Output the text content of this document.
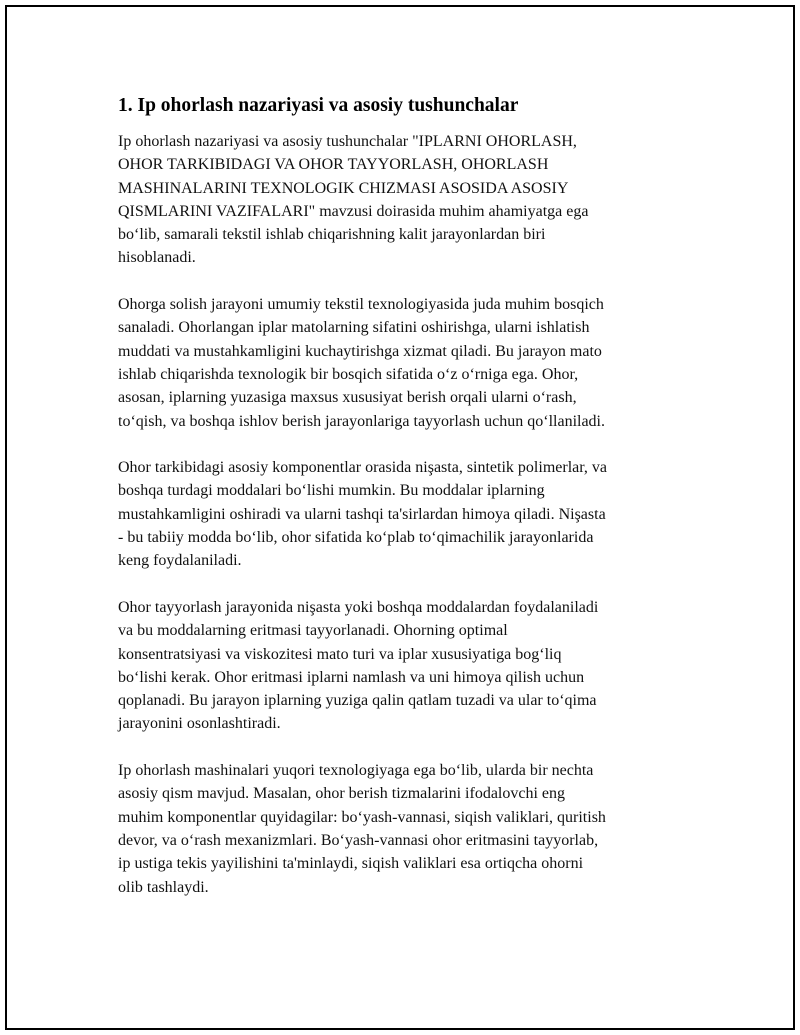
1. Ip ohorlash nazariyasi va asosiy tushunchalar
Ip ohorlash nazariyasi va asosiy tushunchalar "IPLARNI OHORLASH,
OHOR TARKIBIDAGI VA OHOR TAYYORLASH, OHORLASH
MASHINALARINI TEXNOLOGIK CHIZMASI ASOSIDA ASOSIY
QISMLARINI VAZIFALARI" mavzusi doirasida muhim ahamiyatga ega
bo‘lib, samarali tekstil ishlab chiqarishning kalit jarayonlardan biri
hisoblanadi.
Ohorga solish jarayoni umumiy tekstil texnologiyasida juda muhim bosqich
sanaladi. Ohorlangan iplar matolarning sifatini oshirishga, ularni ishlatish
muddati va mustahkamligini kuchaytirishga xizmat qiladi. Bu jarayon mato
ishlab chiqarishda texnologik bir bosqich sifatida o‘z o‘rniga ega. Ohor,
asosan, iplarning yuzasiga maxsus xususiyat berish orqali ularni o‘rash,
to‘qish, va boshqa ishlov berish jarayonlariga tayyorlash uchun qo‘llaniladi.
Ohor tarkibidagi asosiy komponentlar orasida nişasta, sintetik polimerlar, va
boshqa turdagi moddalari bo‘lishi mumkin. Bu moddalar iplarning
mustahkamligini oshiradi va ularni tashqi ta'sirlardan himoya qiladi. Nişasta
- bu tabiiy modda bo‘lib, ohor sifatida ko‘plab to‘qimachilik jarayonlarida
keng foydalaniladi.
Ohor tayyorlash jarayonida nişasta yoki boshqa moddalardan foydalaniladi
va bu moddalarning eritmasi tayyorlanadi. Ohorning optimal
konsentratsiyasi va viskozitesi mato turi va iplar xususiyatiga bog‘liq
bo‘lishi kerak. Ohor eritmasi iplarni namlash va uni himoya qilish uchun
qoplanadi. Bu jarayon iplarning yuziga qalin qatlam tuzadi va ular to‘qima
jarayonini osonlashtiradi.
Ip ohorlash mashinalari yuqori texnologiyaga ega bo‘lib, ularda bir nechta
asosiy qism mavjud. Masalan, ohor berish tizmalarini ifodalovchi eng
muhim komponentlar quyidagilar: bo‘yash-vannasi, siqish valiklari, quritish
devor, va o‘rash mexanizmlari. Bo‘yash-vannasi ohor eritmasini tayyorlab,
ip ustiga tekis yayilishini ta'minlaydi, siqish valiklari esa ortiqcha ohorni
olib tashlaydi.
